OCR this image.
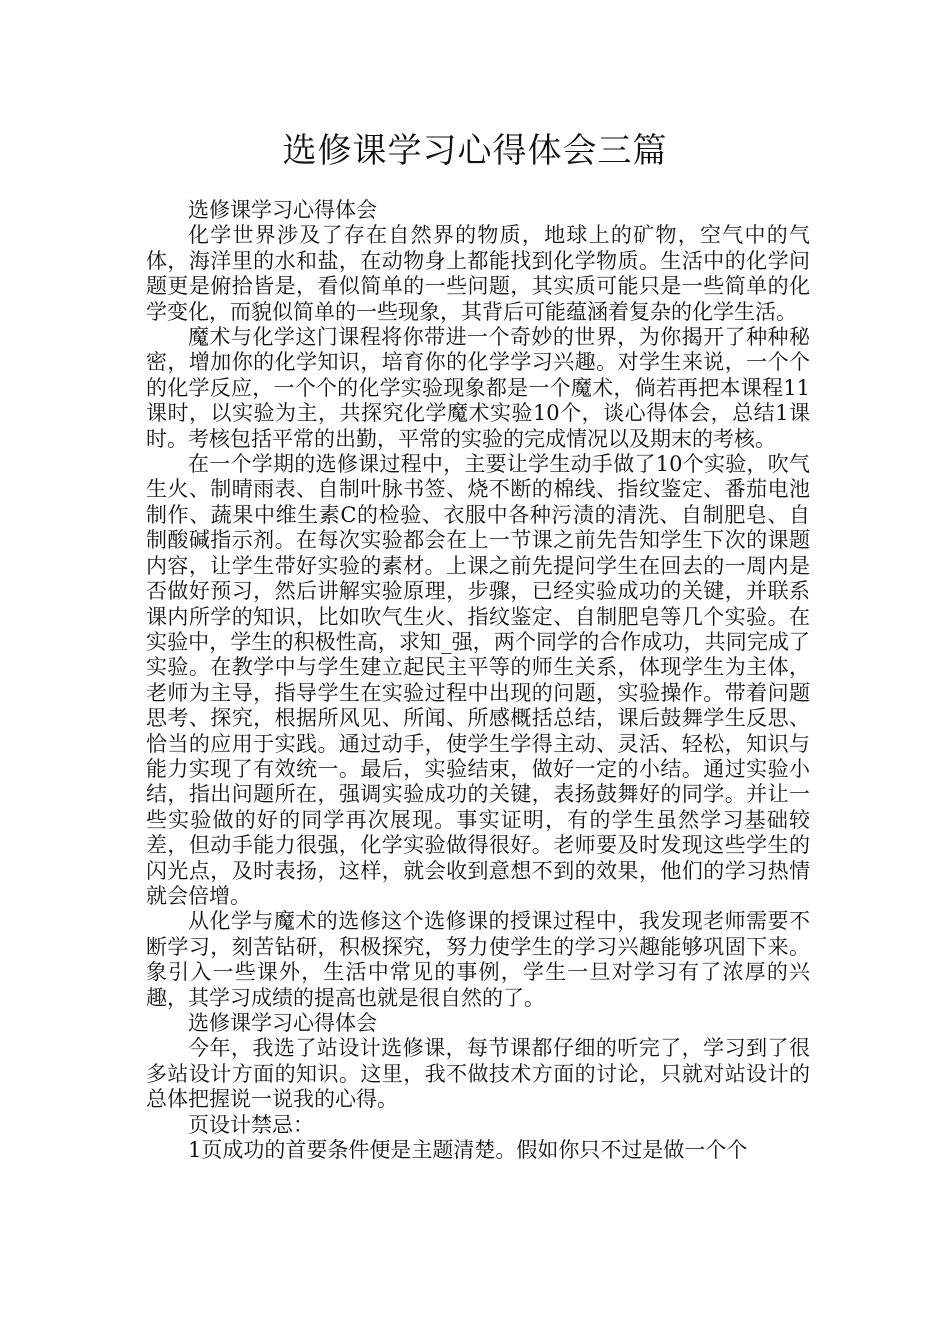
选修课学习心得体会三篇

选修课学习心得体会

化学世界涉及了存在自然界的物质，地球上的矿物，空气中的气体，海洋里的水和盐，在动物身上都能找到化学物质。生活中的化学问题更是俯拾皆是，看似简单的一些问题，其实质可能只是一些简单的化学变化，而貌似简单的一些现象，其背后可能蕴涵着复杂的化学生活。

魔术与化学这门课程将你带进一个奇妙的世界，为你揭开了种种秘密，增加你的化学知识，培育你的化学学习兴趣。对学生来说，一个个的化学反应，一个个的化学实验现象都是一个魔术，倘若再把本课程11课时，以实验为主，共探究化学魔术实验10个，谈心得体会，总结1课时。考核包括平常的出勤，平常的实验的完成情况以及期末的考核。

在一个学期的选修课过程中，主要让学生动手做了10个实验，吹气生火、制晴雨表、自制叶脉书签、烧不断的棉线、指纹鉴定、番茄电池制作、蔬果中维生素C的检验、衣服中各种污渍的清洗、自制肥皂、自制酸碱指示剂。在每次实验都会在上一节课之前先告知学生下次的课题内容，让学生带好实验的素材。上课之前先提问学生在回去的一周内是否做好预习，然后讲解实验原理，步骤，已经实验成功的关键，并联系课内所学的知识，比如吹气生火、指纹鉴定、自制肥皂等几个实验。在实验中，学生的积极性高，求知_强，两个同学的合作成功，共同完成了实验。在教学中与学生建立起民主平等的师生关系，体现学生为主体，老师为主导，指导学生在实验过程中出现的问题，实验操作。带着问题思考、探究，根据所风见、所闻、所感概括总结，课后鼓舞学生反思、恰当的应用于实践。通过动手，使学生学得主动、灵活、轻松，知识与能力实现了有效统一。最后，实验结束，做好一定的小结。通过实验小结，指出问题所在，强调实验成功的关键，表扬鼓舞好的同学。并让一些实验做的好的同学再次展现。事实证明，有的学生虽然学习基础较差，但动手能力很强，化学实验做得很好。老师要及时发现这些学生的闪光点，及时表扬，这样，就会收到意想不到的效果，他们的学习热情就会倍增。

从化学与魔术的选修这个选修课的授课过程中，我发现老师需要不断学习，刻苦钻研，积极探究，努力使学生的学习兴趣能够巩固下来。象引入一些课外，生活中常见的事例，学生一旦对学习有了浓厚的兴趣，其学习成绩的提高也就是很自然的了。

选修课学习心得体会

今年，我选了站设计选修课，每节课都仔细的听完了，学习到了很多站设计方面的知识。这里，我不做技术方面的讨论，只就对站设计的总体把握说一说我的心得。

页设计禁忌：

1页成功的首要条件便是主题清楚。假如你只不过是做一个个
